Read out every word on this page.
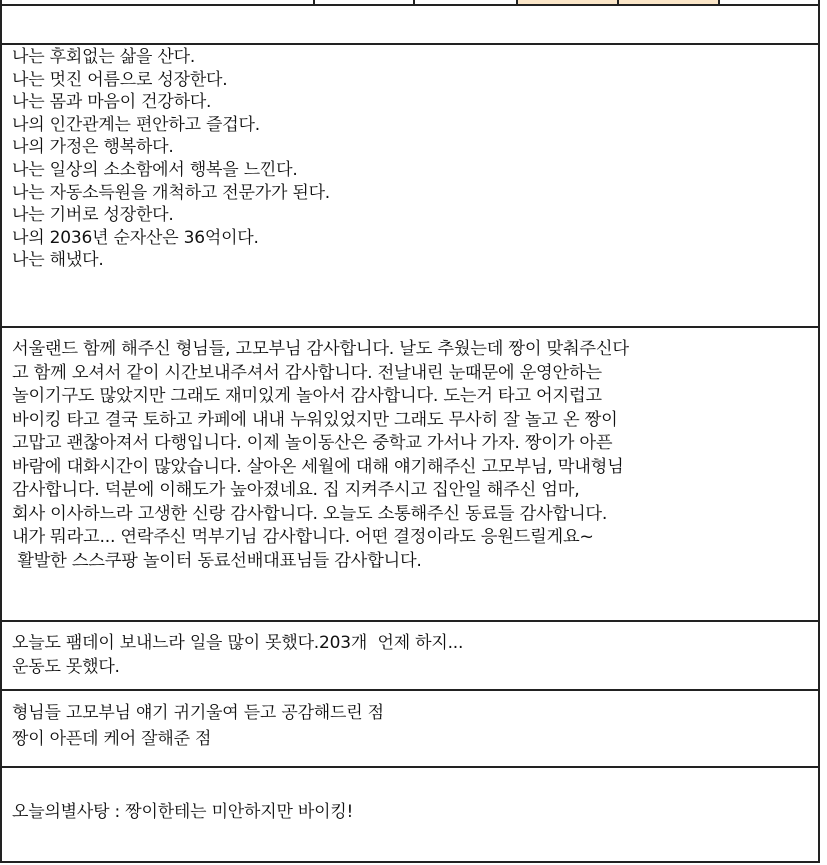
나는 후회없는 삶을 산다.
나는 멋진 어름으로 성장한다.
나는 몸과 마음이 건강하다.
나의 인간관계는 편안하고 즐겁다.
나의 가정은 행복하다.
나는 일상의 소소함에서 행복을 느낀다.
나는 자동소득원을 개척하고 전문가가 된다.
나는 기버로 성장한다.
나의 2036년 순자산은 36억이다.
나는 해냈다.
서울랜드 함께 해주신 형님들, 고모부님 감사합니다. 날도 추웠는데 짱이 맞춰주신다
고 함께 오셔서 같이 시간보내주셔서 감사합니다. 전날내린 눈때문에 운영안하는
놀이기구도 많았지만 그래도 재미있게 놀아서 감사합니다. 도는거 타고 어지럽고
바이킹 타고 결국 토하고 카페에 내내 누워있었지만 그래도 무사히 잘 놀고 온 짱이
고맙고 괜찮아져서 다행입니다. 이제 놀이동산은 중학교 가서나 가자. 짱이가 아픈
바람에 대화시간이 많았습니다. 살아온 세월에 대해 얘기해주신 고모부님, 막내형님
감사합니다. 덕분에 이해도가 높아졌네요. 집 지켜주시고 집안일 해주신 엄마,
회사 이사하느라 고생한 신랑 감사합니다. 오늘도 소통해주신 동료들 감사합니다.
내가 뭐라고... 연락주신 먹부기님 감사합니다. 어떤 결정이라도 응원드릴게요~
활발한 스스쿠팡 놀이터 동료선배대표님들 감사합니다.
오늘도 팸데이 보내느라 일을 많이 못했다.203개  언제 하지...
운동도 못했다.
형님들 고모부님 얘기 귀기울여 듣고 공감해드린 점
짱이 아픈데 케어 잘해준 점
오늘의별사탕 : 짱이한테는 미안하지만 바이킹!
